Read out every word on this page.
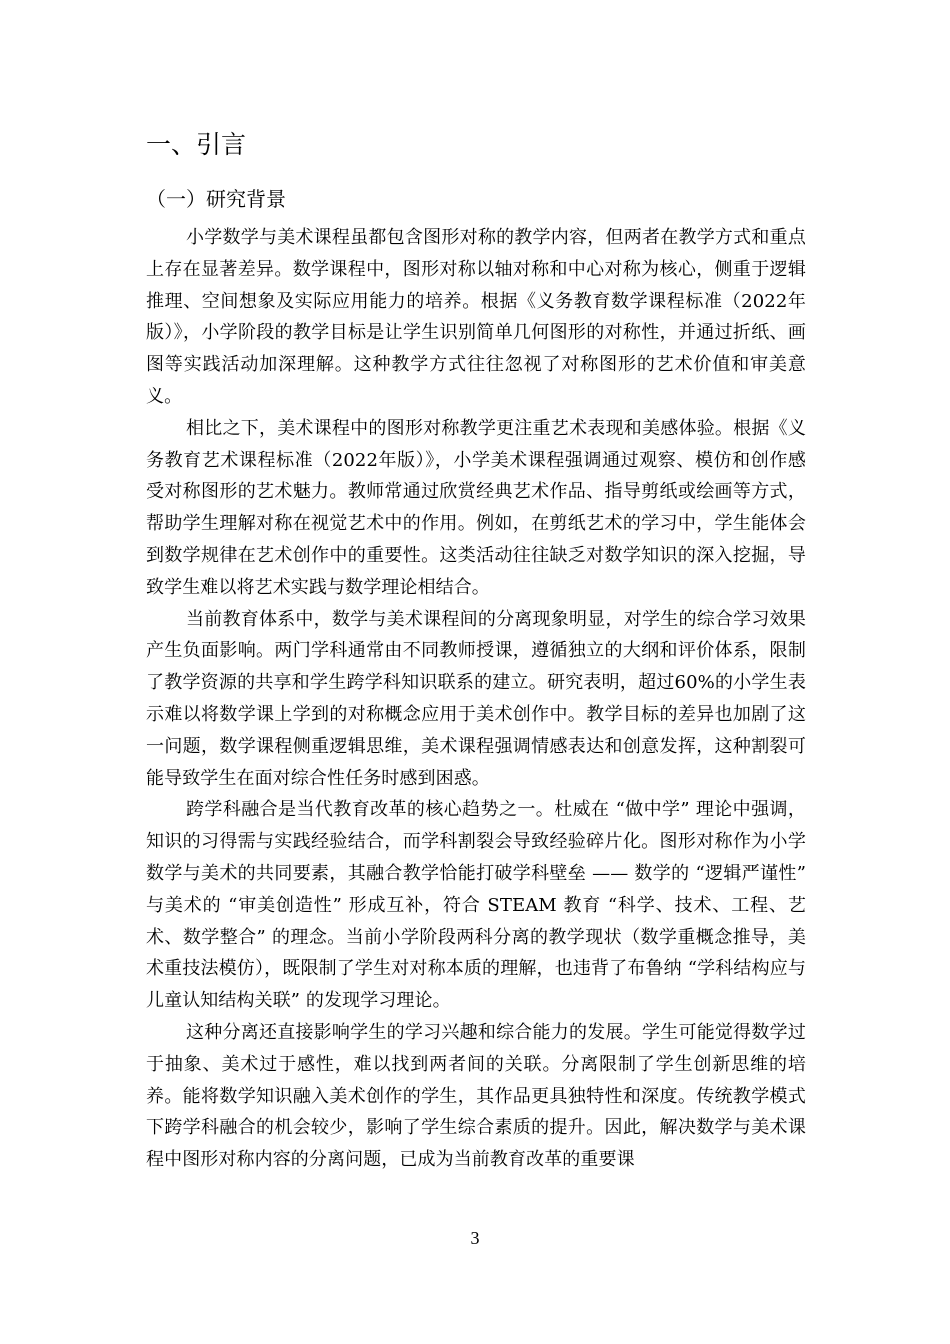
一、引言
（一）研究背景

小学数学与美术课程虽都包含图形对称的教学内容，但两者在教学方式和重点上存在显著差异。数学课程中，图形对称以轴对称和中心对称为核心，侧重于逻辑推理、空间想象及实际应用能力的培养。根据《义务教育数学课程标准（2022年版）》，小学阶段的教学目标是让学生识别简单几何图形的对称性，并通过折纸、画图等实践活动加深理解。这种教学方式往往忽视了对称图形的艺术价值和审美意义。

相比之下，美术课程中的图形对称教学更注重艺术表现和美感体验。根据《义务教育艺术课程标准（2022年版）》，小学美术课程强调通过观察、模仿和创作感受对称图形的艺术魅力。教师常通过欣赏经典艺术作品、指导剪纸或绘画等方式，帮助学生理解对称在视觉艺术中的作用。例如，在剪纸艺术的学习中，学生能体会到数学规律在艺术创作中的重要性。这类活动往往缺乏对数学知识的深入挖掘，导致学生难以将艺术实践与数学理论相结合。

当前教育体系中，数学与美术课程间的分离现象明显，对学生的综合学习效果产生负面影响。两门学科通常由不同教师授课，遵循独立的大纲和评价体系，限制了教学资源的共享和学生跨学科知识联系的建立。研究表明，超过60%的小学生表示难以将数学课上学到的对称概念应用于美术创作中。教学目标的差异也加剧了这一问题，数学课程侧重逻辑思维，美术课程强调情感表达和创意发挥，这种割裂可能导致学生在面对综合性任务时感到困惑。

跨学科融合是当代教育改革的核心趋势之一。杜威在 “做中学” 理论中强调，知识的习得需与实践经验结合，而学科割裂会导致经验碎片化。图形对称作为小学数学与美术的共同要素，其融合教学恰能打破学科壁垒 —— 数学的 “逻辑严谨性” 与美术的 “审美创造性” 形成互补，符合 STEAM 教育 “科学、技术、工程、艺术、数学整合” 的理念。当前小学阶段两科分离的教学现状（数学重概念推导，美术重技法模仿），既限制了学生对对称本质的理解，也违背了布鲁纳 “学科结构应与儿童认知结构关联” 的发现学习理论。

这种分离还直接影响学生的学习兴趣和综合能力的发展。学生可能觉得数学过于抽象、美术过于感性，难以找到两者间的关联。分离限制了学生创新思维的培养。能将数学知识融入美术创作的学生，其作品更具独特性和深度。传统教学模式下跨学科融合的机会较少，影响了学生综合素质的提升。因此，解决数学与美术课程中图形对称内容的分离问题，已成为当前教育改革的重要课

3
